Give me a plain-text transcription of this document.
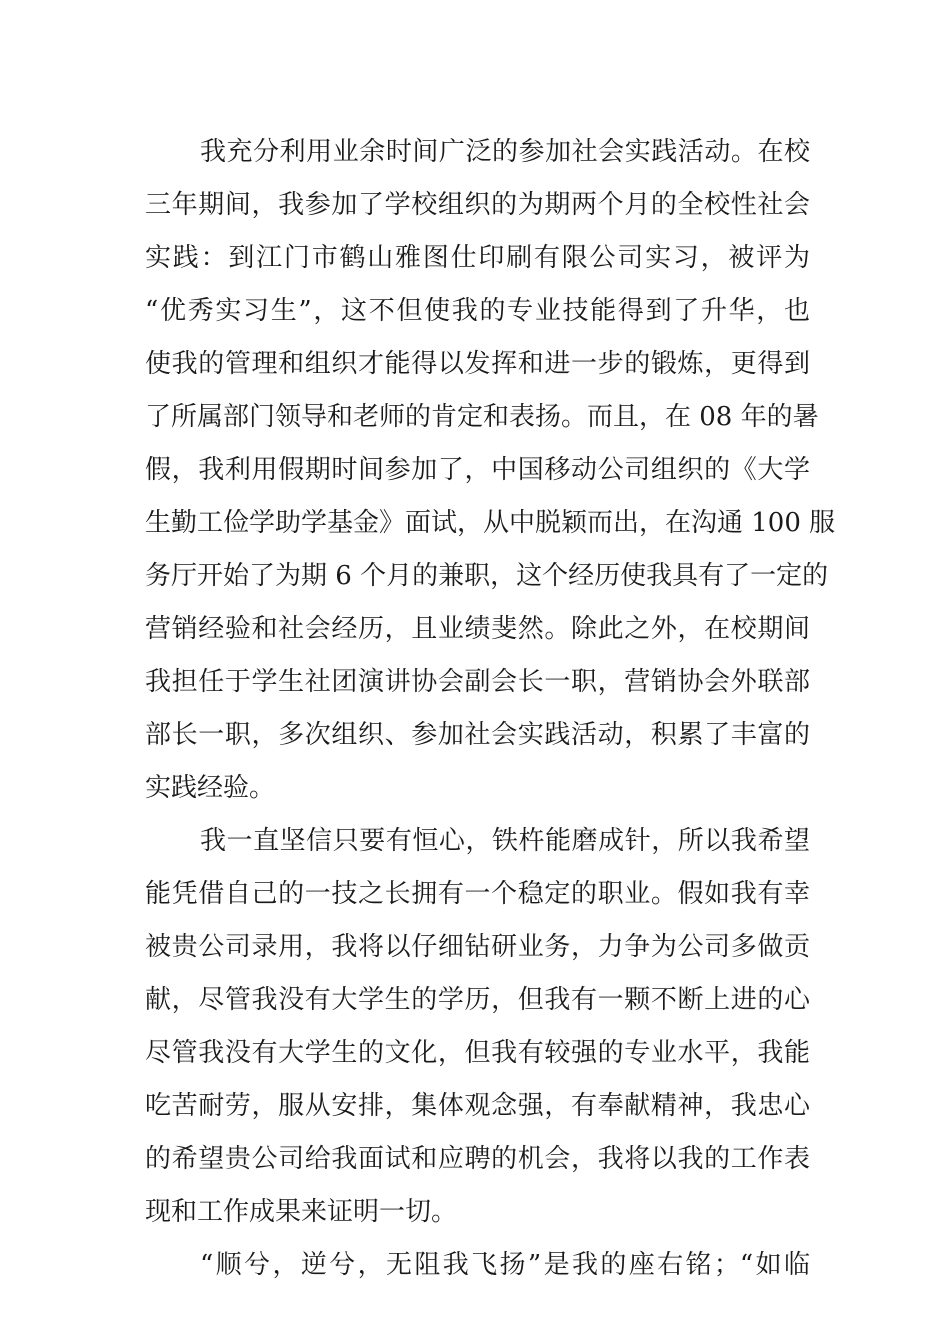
我充分利用业余时间广泛的参加社会实践活动。在校
三年期间，我参加了学校组织的为期两个月的全校性社会
实践：到江门市鹤山雅图仕印刷有限公司实习，被评为
“优秀实习生”，这不但使我的专业技能得到了升华，也
使我的管理和组织才能得以发挥和进一步的锻炼，更得到
了所属部门领导和老师的肯定和表扬。而且，在 08 年的暑
假，我利用假期时间参加了，中国移动公司组织的《大学
生勤工俭学助学基金》面试，从中脱颖而出，在沟通 100 服
务厅开始了为期 6 个月的兼职，这个经历使我具有了一定的
营销经验和社会经历，且业绩斐然。除此之外，在校期间
我担任于学生社团演讲协会副会长一职，营销协会外联部
部长一职，多次组织、参加社会实践活动，积累了丰富的
实践经验。
我一直坚信只要有恒心，铁杵能磨成针，所以我希望
能凭借自己的一技之长拥有一个稳定的职业。假如我有幸
被贵公司录用，我将以仔细钻研业务，力争为公司多做贡
献，尽管我没有大学生的学历，但我有一颗不断上进的心
尽管我没有大学生的文化，但我有较强的专业水平，我能
吃苦耐劳，服从安排，集体观念强，有奉献精神，我忠心
的希望贵公司给我面试和应聘的机会，我将以我的工作表
现和工作成果来证明一切。
“顺兮，逆兮，无阻我飞扬”是我的座右铭；“如临
